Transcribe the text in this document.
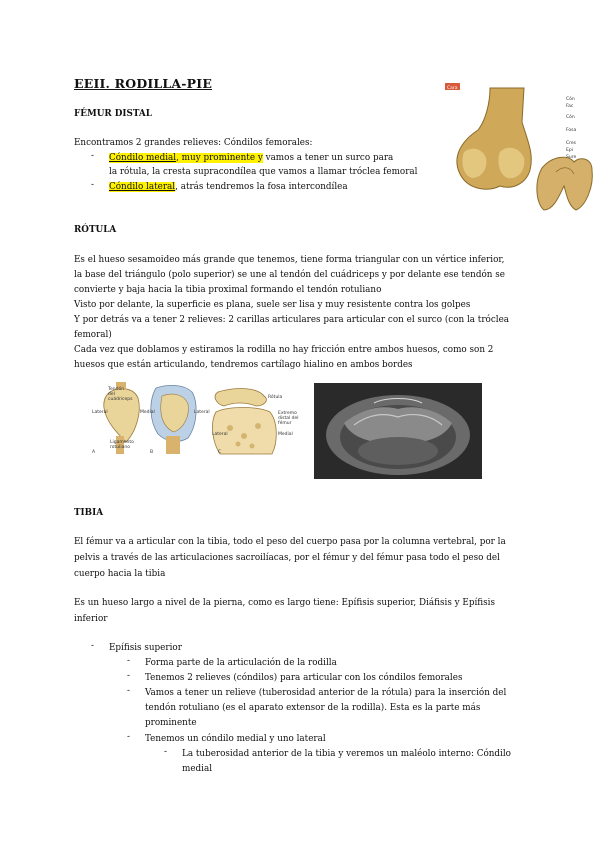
EEII. RODILLA-PIE
FÉMUR DISTAL
Encontramos 2 grandes relieves: Cóndilos femorales:
- Cóndilo medial, muy prominente y vamos a tener un surco para
la rótula, la cresta supracondílea que vamos a llamar tróclea femoral
- Cóndilo lateral, atrás tendremos la fosa intercondílea
Cara
Cón
Fac
Cón
Fosa
Cres
Epi
Sure
RÓTULA
Es el hueso sesamoideo más grande que tenemos, tiene forma triangular con un vértice inferior,
la base del triángulo (polo superior) se une al tendón del cuádriceps y por delante ese tendón se
convierte y baja hacia la tibia proximal formando el tendón rotuliano
Visto por delante, la superficie es plana, suele ser lisa y muy resistente contra los golpes
Y por detrás va a tener 2 relieves: 2 carillas articulares para articular con el surco (con la tróclea
femoral)
Cada vez que doblamos y estiramos la rodilla no hay fricción entre ambos huesos, como son 2
huesos que están articulando, tendremos cartílago hialino en ambos bordes
Tendón del cuádriceps
Lateral	Medial	Lateral
Ligamento rotuliano
A	B
Rótula
Extremo distal del fémur
Lateral	Medial
C
TIBIA
El fémur va a articular con la tibia, todo el peso del cuerpo pasa por la columna vertebral, por la
pelvis a través de las articulaciones sacroilíacas, por el fémur y del fémur pasa todo el peso del
cuerpo hacia la tibia
Es un hueso largo a nivel de la pierna, como es largo tiene: Epífisis superior, Diáfisis y Epífisis
inferior
- Epífisis superior
- Forma parte de la articulación de la rodilla
- Tenemos 2 relieves (cóndilos) para articular con los cóndilos femorales
- Vamos a tener un relieve (tuberosidad anterior de la rótula) para la inserción del
tendón rotuliano (es el aparato extensor de la rodilla). Esta es la parte más
prominente
- Tenemos un cóndilo medial y uno lateral
- La tuberosidad anterior de la tibia y veremos un maléolo interno: Cóndilo
medial
